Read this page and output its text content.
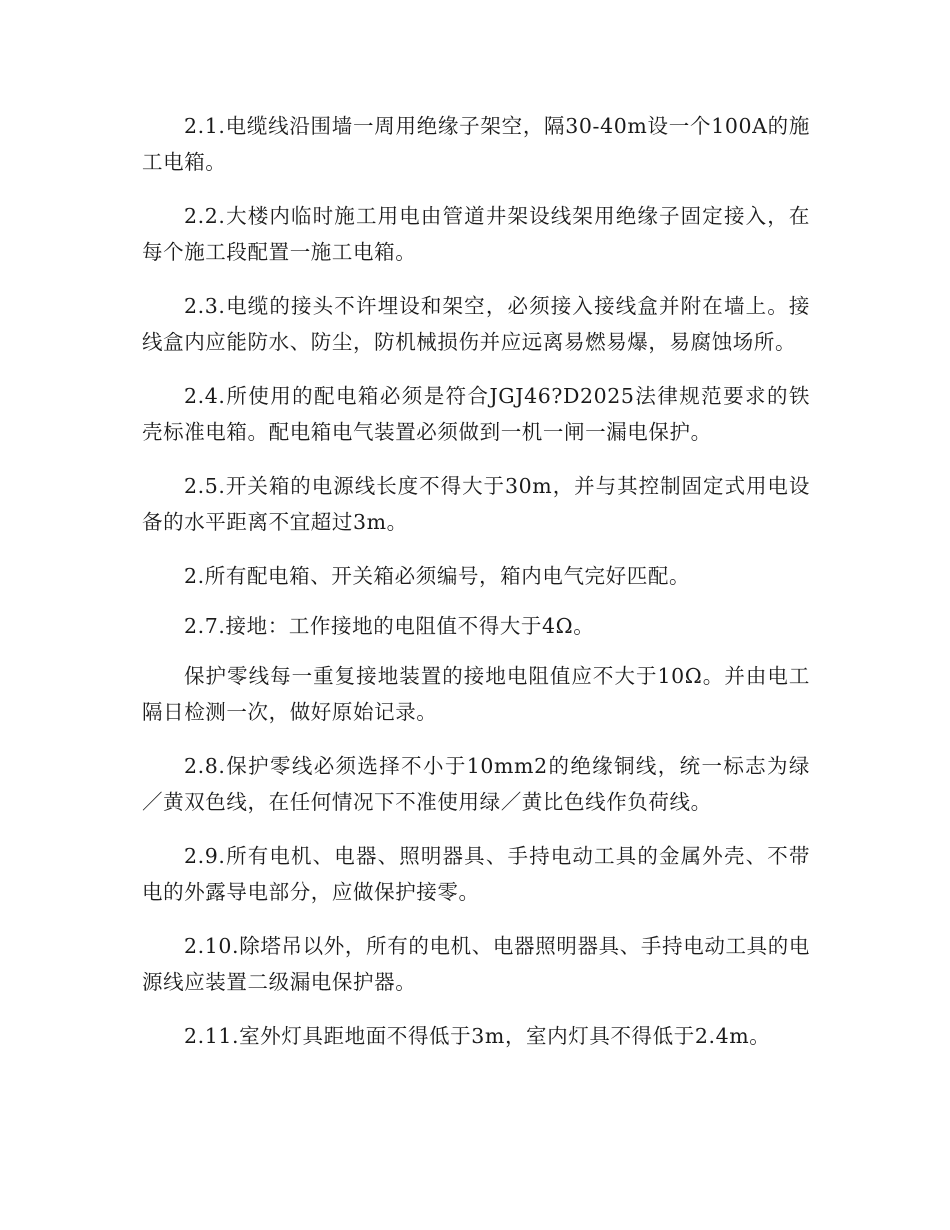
2.1.电缆线沿围墙一周用绝缘子架空，隔30-40m设一个100A的施工电箱。

2.2.大楼内临时施工用电由管道井架设线架用绝缘子固定接入，在每个施工段配置一施工电箱。

2.3.电缆的接头不许埋设和架空，必须接入接线盒并附在墙上。接线盒内应能防水、防尘，防机械损伤并应远离易燃易爆，易腐蚀场所。

2.4.所使用的配电箱必须是符合JGJ46?D2025法律规范要求的铁壳标准电箱。配电箱电气装置必须做到一机一闸一漏电保护。

2.5.开关箱的电源线长度不得大于30m，并与其控制固定式用电设备的水平距离不宜超过3m。

2.所有配电箱、开关箱必须编号，箱内电气完好匹配。

2.7.接地：工作接地的电阻值不得大于4Ω。

保护零线每一重复接地装置的接地电阻值应不大于10Ω。并由电工隔日检测一次，做好原始记录。

2.8.保护零线必须选择不小于10mm2的绝缘铜线，统一标志为绿／黄双色线，在任何情况下不准使用绿／黄比色线作负荷线。

2.9.所有电机、电器、照明器具、手持电动工具的金属外壳、不带电的外露导电部分，应做保护接零。

2.10.除塔吊以外，所有的电机、电器照明器具、手持电动工具的电源线应装置二级漏电保护器。

2.11.室外灯具距地面不得低于3m，室内灯具不得低于2.4m。
